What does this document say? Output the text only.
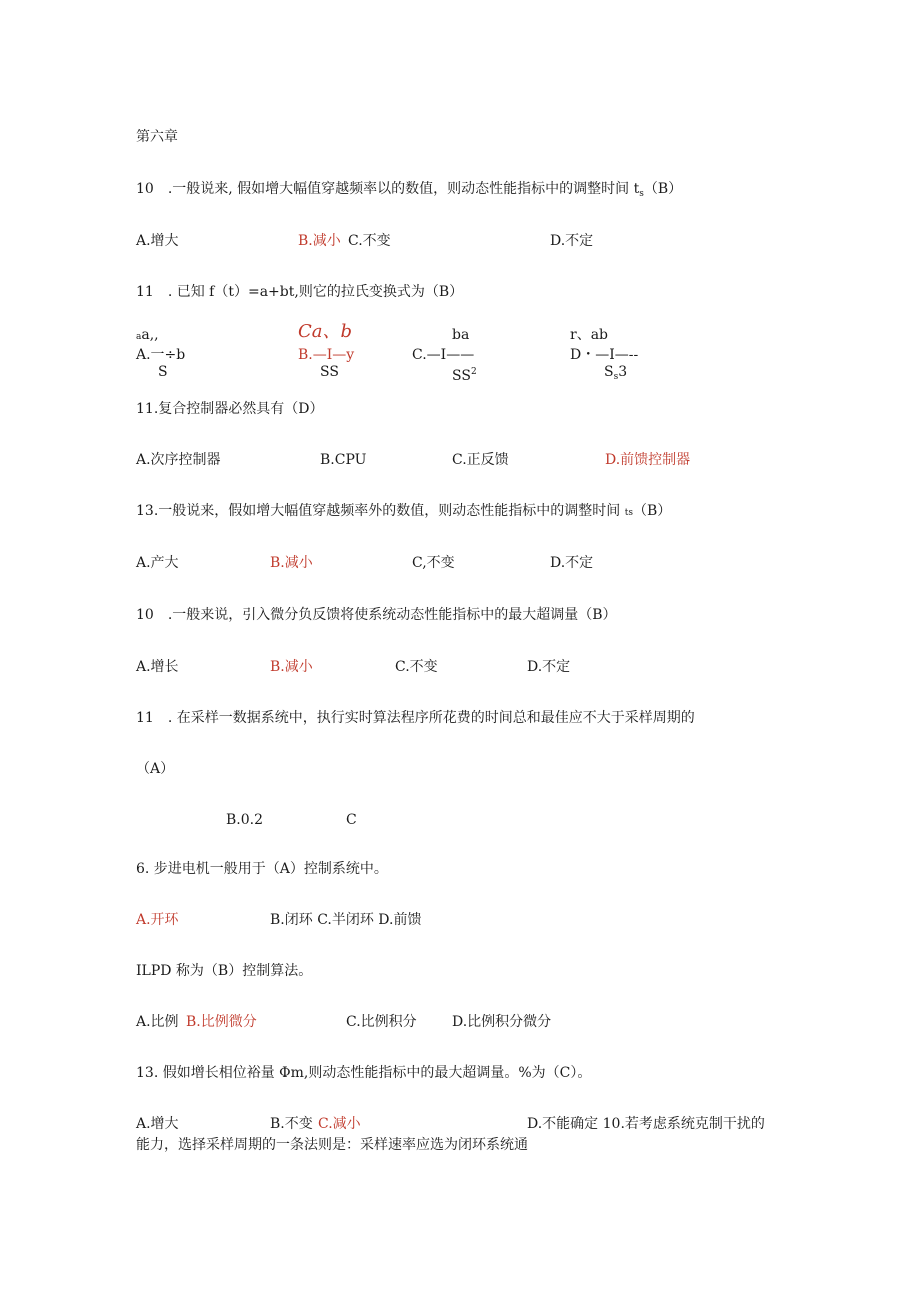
第六章
10　.一般说来, 假如增大幅值穿越频率以的数值，则动态性能指标中的调整时间 $t_s(B)$
A.增大	B.减小 C.不变	D.不定
11　. 已知 f（t）=a+bt,则它的拉氏变换式为（B）
aa,,
A.一÷b
S
Ca、b
B.—I—y
SS
ba
C.—I——
$SS^2$
r、ab
D・—I—--
$S_s3$
11.复合控制器必然具有（D）
A.次序控制器	B.CPU	C.正反馈	D.前馈控制器
13.一般说来，假如增大幅值穿越频率外的数值，则动态性能指标中的调整时间 ts（B）
A.产大	B.减小	C,不变	D.不定
10　.一般来说，引入微分负反馈将使系统动态性能指标中的最大超调量（B）
A.增长	B.减小	C.不变	D.不定
11　. 在采样一数据系统中，执行实时算法程序所花费的时间总和最佳应不大于采样周期的
（A）
B.0.2	C
6. 步进电机一般用于（A）控制系统中。
A.开环	B.闭环 C.半闭环 D.前馈
ILPD 称为（B）控制算法。
A.比例 B.比例微分	C.比例积分	D.比例积分微分
13. 假如增长相位裕量 Φm,则动态性能指标中的最大超调量。%为（C）。
A.增大	B.不变 C.减小	D.不能确定 10.若考虑系统克制干扰的
能力，选择采样周期的一条法则是：采样速率应选为闭环系统通
